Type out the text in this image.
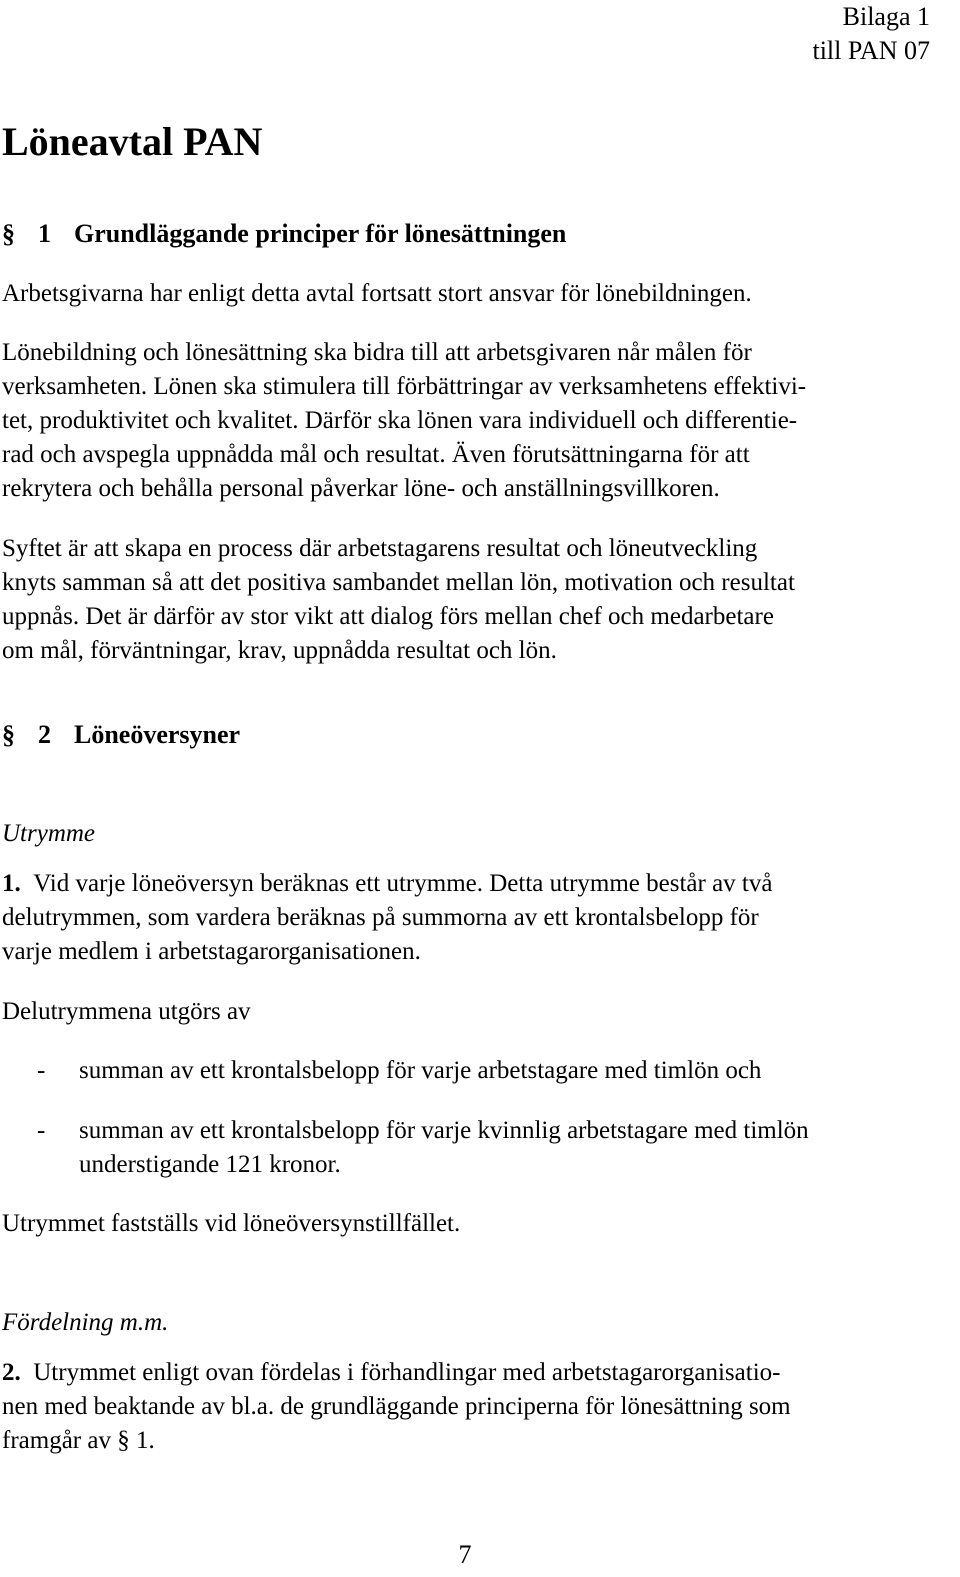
Bilaga 1
till PAN 07
Löneavtal PAN
§ 1 Grundläggande principer för lönesättningen

Arbetsgivarna har enligt detta avtal fortsatt stort ansvar för lönebildningen.

Lönebildning och lönesättning ska bidra till att arbetsgivaren når målen för
verksamheten. Lönen ska stimulera till förbättringar av verksamhetens effektivi-
tet, produktivitet och kvalitet. Därför ska lönen vara individuell och differentie-
rad och avspegla uppnådda mål och resultat. Även förutsättningarna för att
rekrytera och behålla personal påverkar löne- och anställningsvillkoren.

Syftet är att skapa en process där arbetstagarens resultat och löneutveckling
knyts samman så att det positiva sambandet mellan lön, motivation och resultat
uppnås. Det är därför av stor vikt att dialog förs mellan chef och medarbetare
om mål, förväntningar, krav, uppnådda resultat och lön.

§ 2 Löneöversyner

Utrymme

1. Vid varje löneöversyn beräknas ett utrymme. Detta utrymme består av två
delutrymmen, som vardera beräknas på summorna av ett krontalsbelopp för
varje medlem i arbetstagarorganisationen.

Delutrymmena utgörs av

- summan av ett krontalsbelopp för varje arbetstagare med timlön och
- summan av ett krontalsbelopp för varje kvinnlig arbetstagare med timlön
understigande 121 kronor.

Utrymmet fastställs vid löneöversynstillfället.

Fördelning m.m.

2. Utrymmet enligt ovan fördelas i förhandlingar med arbetstagarorganisatio-
nen med beaktande av bl.a. de grundläggande principerna för lönesättning som
framgår av § 1.

7
